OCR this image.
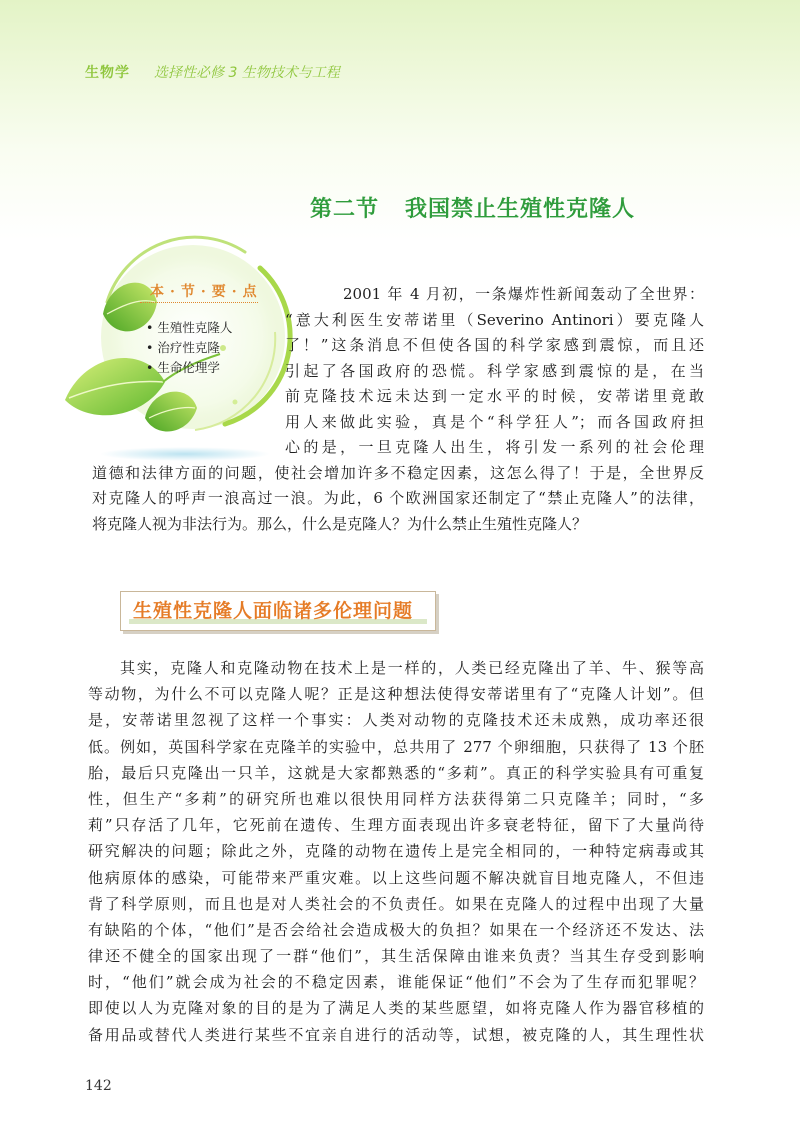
生物学 选择性必修 3 生物技术与工程
第二节   我国禁止生殖性克隆人
本·节·要·点
• 生殖性克隆人
• 治疗性克隆
• 生命伦理学
2001 年 4 月初，一条爆炸性新闻轰动了全世界：
“意大利医生安蒂诺里（Severino Antinori）要克隆人
了！”这条消息不但使各国的科学家感到震惊，而且还
引起了各国政府的恐慌。科学家感到震惊的是，在当
前克隆技术远未达到一定水平的时候，安蒂诺里竟敢
用人来做此实验，真是个“科学狂人”；而各国政府担
心的是，一旦克隆人出生，将引发一系列的社会伦理
道德和法律方面的问题，使社会增加许多不稳定因素，这怎么得了！于是，全世界反
对克隆人的呼声一浪高过一浪。为此，6 个欧洲国家还制定了“禁止克隆人”的法律，
将克隆人视为非法行为。那么，什么是克隆人？为什么禁止生殖性克隆人？
生殖性克隆人面临诸多伦理问题
其实，克隆人和克隆动物在技术上是一样的，人类已经克隆出了羊、牛、猴等高
等动物，为什么不可以克隆人呢？正是这种想法使得安蒂诺里有了“克隆人计划”。但
是，安蒂诺里忽视了这样一个事实：人类对动物的克隆技术还未成熟，成功率还很
低。例如，英国科学家在克隆羊的实验中，总共用了 277 个卵细胞，只获得了 13 个胚
胎，最后只克隆出一只羊，这就是大家都熟悉的“多莉”。真正的科学实验具有可重复
性，但生产“多莉”的研究所也难以很快用同样方法获得第二只克隆羊；同时，“多
莉”只存活了几年，它死前在遗传、生理方面表现出许多衰老特征，留下了大量尚待
研究解决的问题；除此之外，克隆的动物在遗传上是完全相同的，一种特定病毒或其
他病原体的感染，可能带来严重灾难。以上这些问题不解决就盲目地克隆人，不但违
背了科学原则，而且也是对人类社会的不负责任。如果在克隆人的过程中出现了大量
有缺陷的个体，“他们”是否会给社会造成极大的负担？如果在一个经济还不发达、法
律还不健全的国家出现了一群“他们”，其生活保障由谁来负责？当其生存受到影响
时，“他们”就会成为社会的不稳定因素，谁能保证“他们”不会为了生存而犯罪呢？
即使以人为克隆对象的目的是为了满足人类的某些愿望，如将克隆人作为器官移植的
备用品或替代人类进行某些不宜亲自进行的活动等，试想，被克隆的人，其生理性状
142
